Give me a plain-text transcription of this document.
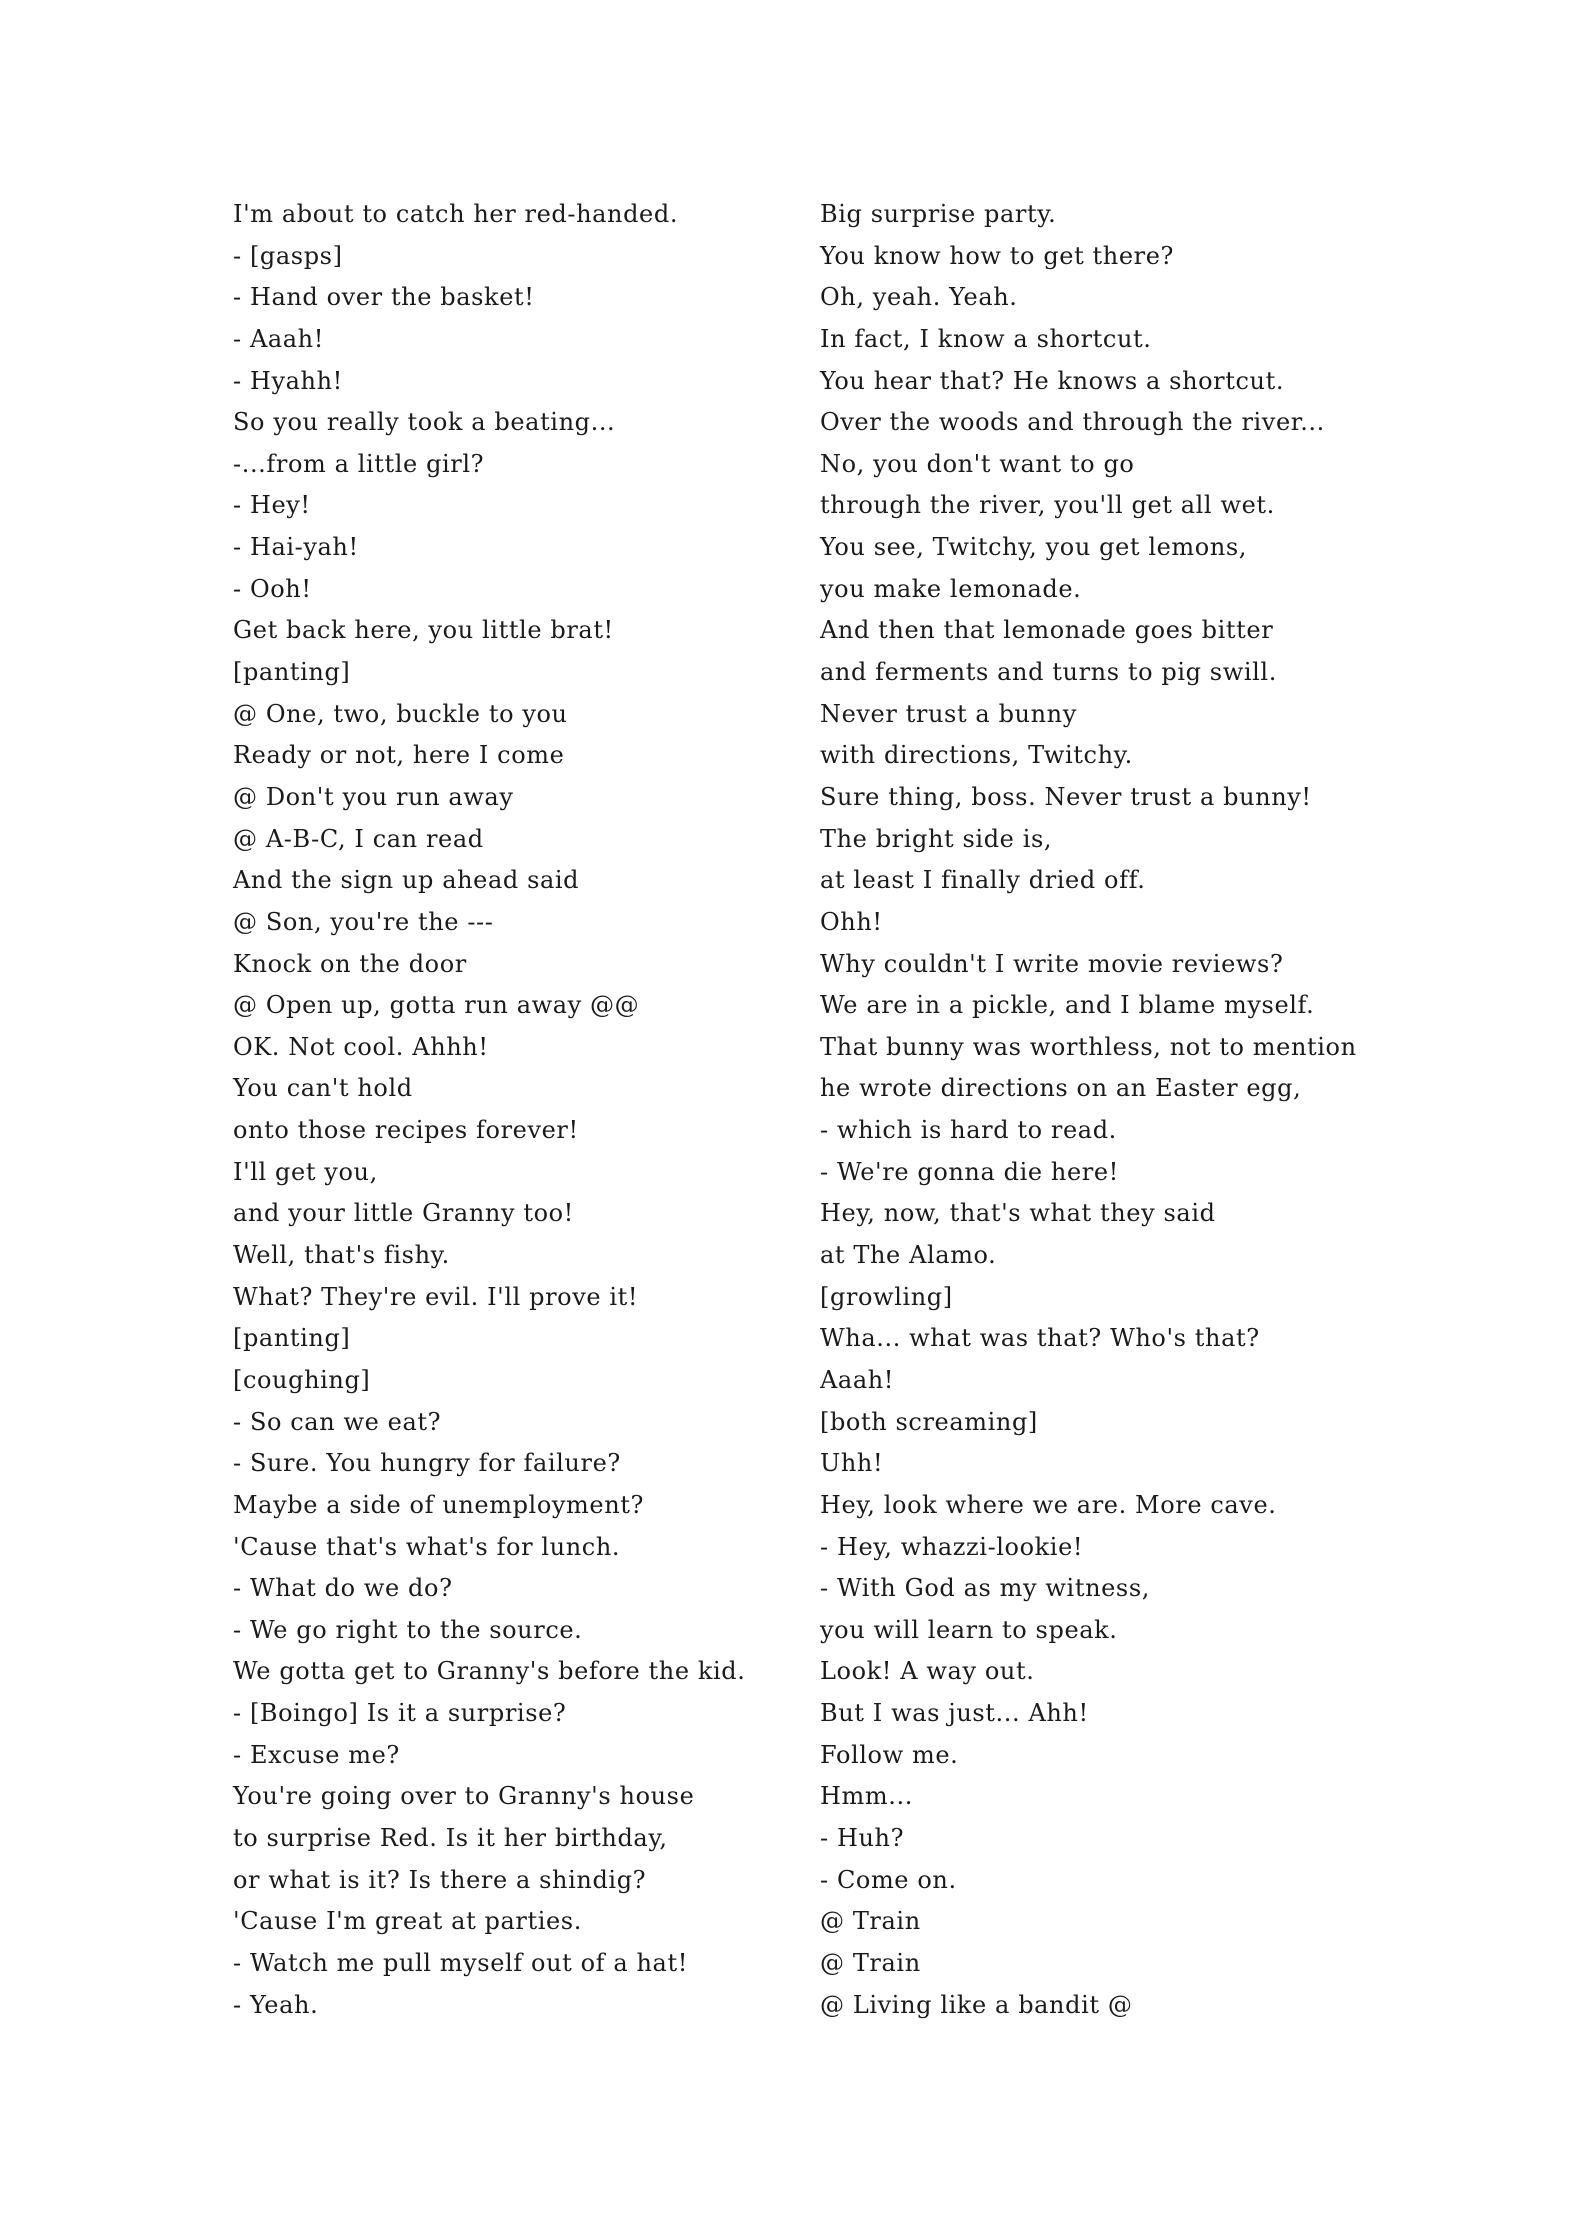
I'm about to catch her red-handed.
- [gasps]
- Hand over the basket!
- Aaah!
- Hyahh!
So you really took a beating...
-...from a little girl?
- Hey!
- Hai-yah!
- Ooh!
Get back here, you little brat!
[panting]
@ One, two, buckle to you
Ready or not, here I come
@ Don't you run away
@ A-B-C, I can read
And the sign up ahead said
@ Son, you're the ---
Knock on the door
@ Open up, gotta run away @@
OK. Not cool. Ahhh!
You can't hold
onto those recipes forever!
I'll get you,
and your little Granny too!
Well, that's fishy.
What? They're evil. I'll prove it!
[panting]
[coughing]
- So can we eat?
- Sure. You hungry for failure?
Maybe a side of unemployment?
'Cause that's what's for lunch.
- What do we do?
- We go right to the source.
We gotta get to Granny's before the kid.
- [Boingo] Is it a surprise?
- Excuse me?
You're going over to Granny's house
to surprise Red. Is it her birthday,
or what is it? Is there a shindig?
'Cause I'm great at parties.
- Watch me pull myself out of a hat!
- Yeah.
Big surprise party.
You know how to get there?
Oh, yeah. Yeah.
In fact, I know a shortcut.
You hear that? He knows a shortcut.
Over the woods and through the river...
No, you don't want to go
through the river, you'll get all wet.
You see, Twitchy, you get lemons,
you make lemonade.
And then that lemonade goes bitter
and ferments and turns to pig swill.
Never trust a bunny
with directions, Twitchy.
Sure thing, boss. Never trust a bunny!
The bright side is,
at least I finally dried off.
Ohh!
Why couldn't I write movie reviews?
We are in a pickle, and I blame myself.
That bunny was worthless, not to mention
he wrote directions on an Easter egg,
- which is hard to read.
- We're gonna die here!
Hey, now, that's what they said
at The Alamo.
[growling]
Wha... what was that? Who's that?
Aaah!
[both screaming]
Uhh!
Hey, look where we are. More cave.
- Hey, whazzi-lookie!
- With God as my witness,
you will learn to speak.
Look! A way out.
But I was just... Ahh!
Follow me.
Hmm...
- Huh?
- Come on.
@ Train
@ Train
@ Living like a bandit @
